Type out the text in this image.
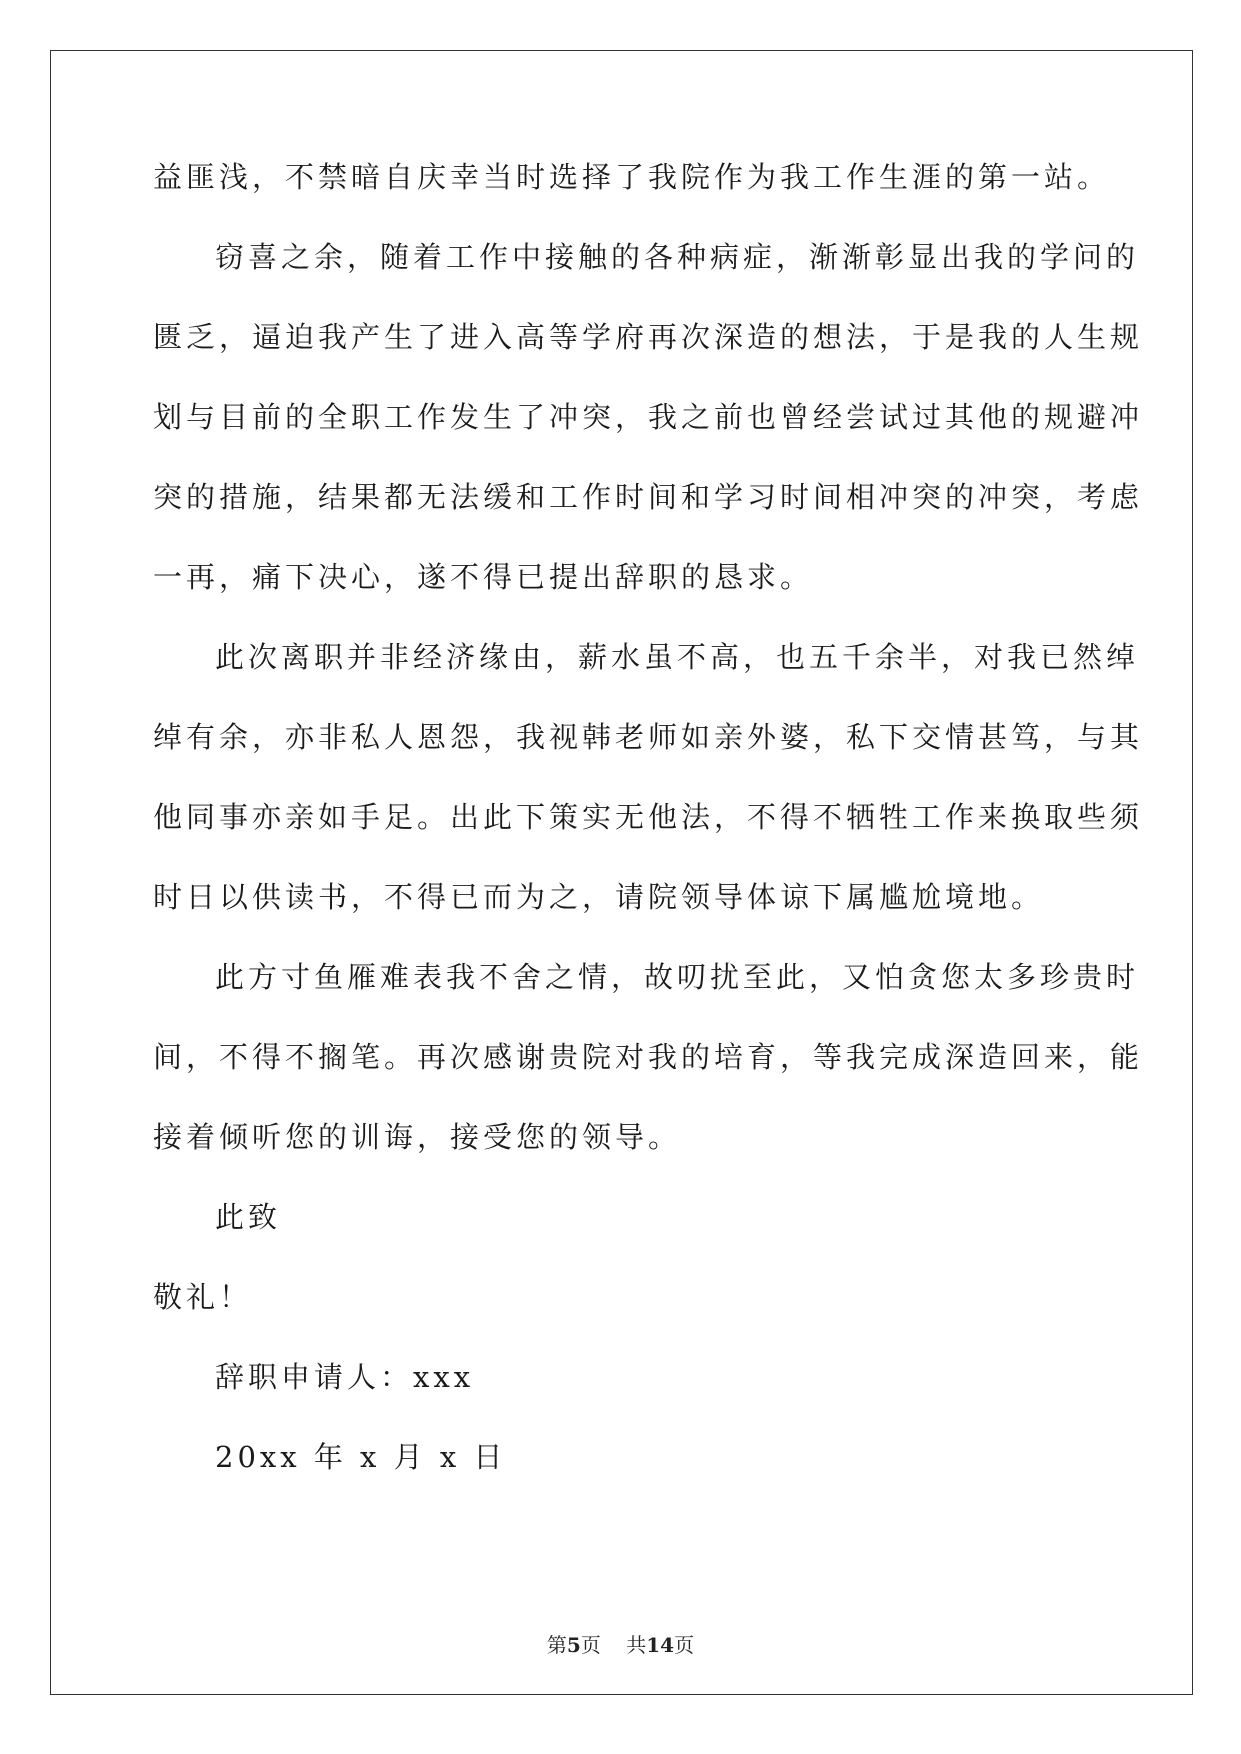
益匪浅，不禁暗自庆幸当时选择了我院作为我工作生涯的第一站。
窃喜之余，随着工作中接触的各种病症，渐渐彰显出我的学问的
匮乏，逼迫我产生了进入高等学府再次深造的想法，于是我的人生规
划与目前的全职工作发生了冲突，我之前也曾经尝试过其他的规避冲
突的措施，结果都无法缓和工作时间和学习时间相冲突的冲突，考虑
一再，痛下决心，遂不得已提出辞职的恳求。
此次离职并非经济缘由，薪水虽不高，也五千余半，对我已然绰
绰有余，亦非私人恩怨，我视韩老师如亲外婆，私下交情甚笃，与其
他同事亦亲如手足。出此下策实无他法，不得不牺牲工作来换取些须
时日以供读书，不得已而为之，请院领导体谅下属尴尬境地。
此方寸鱼雁难表我不舍之情，故叨扰至此，又怕贪您太多珍贵时
间，不得不搁笔。再次感谢贵院对我的培育，等我完成深造回来，能
接着倾听您的训诲，接受您的领导。
此致
敬礼！
辞职申请人：xxx
20xx 年 x 月 x 日
第5页 共14页
